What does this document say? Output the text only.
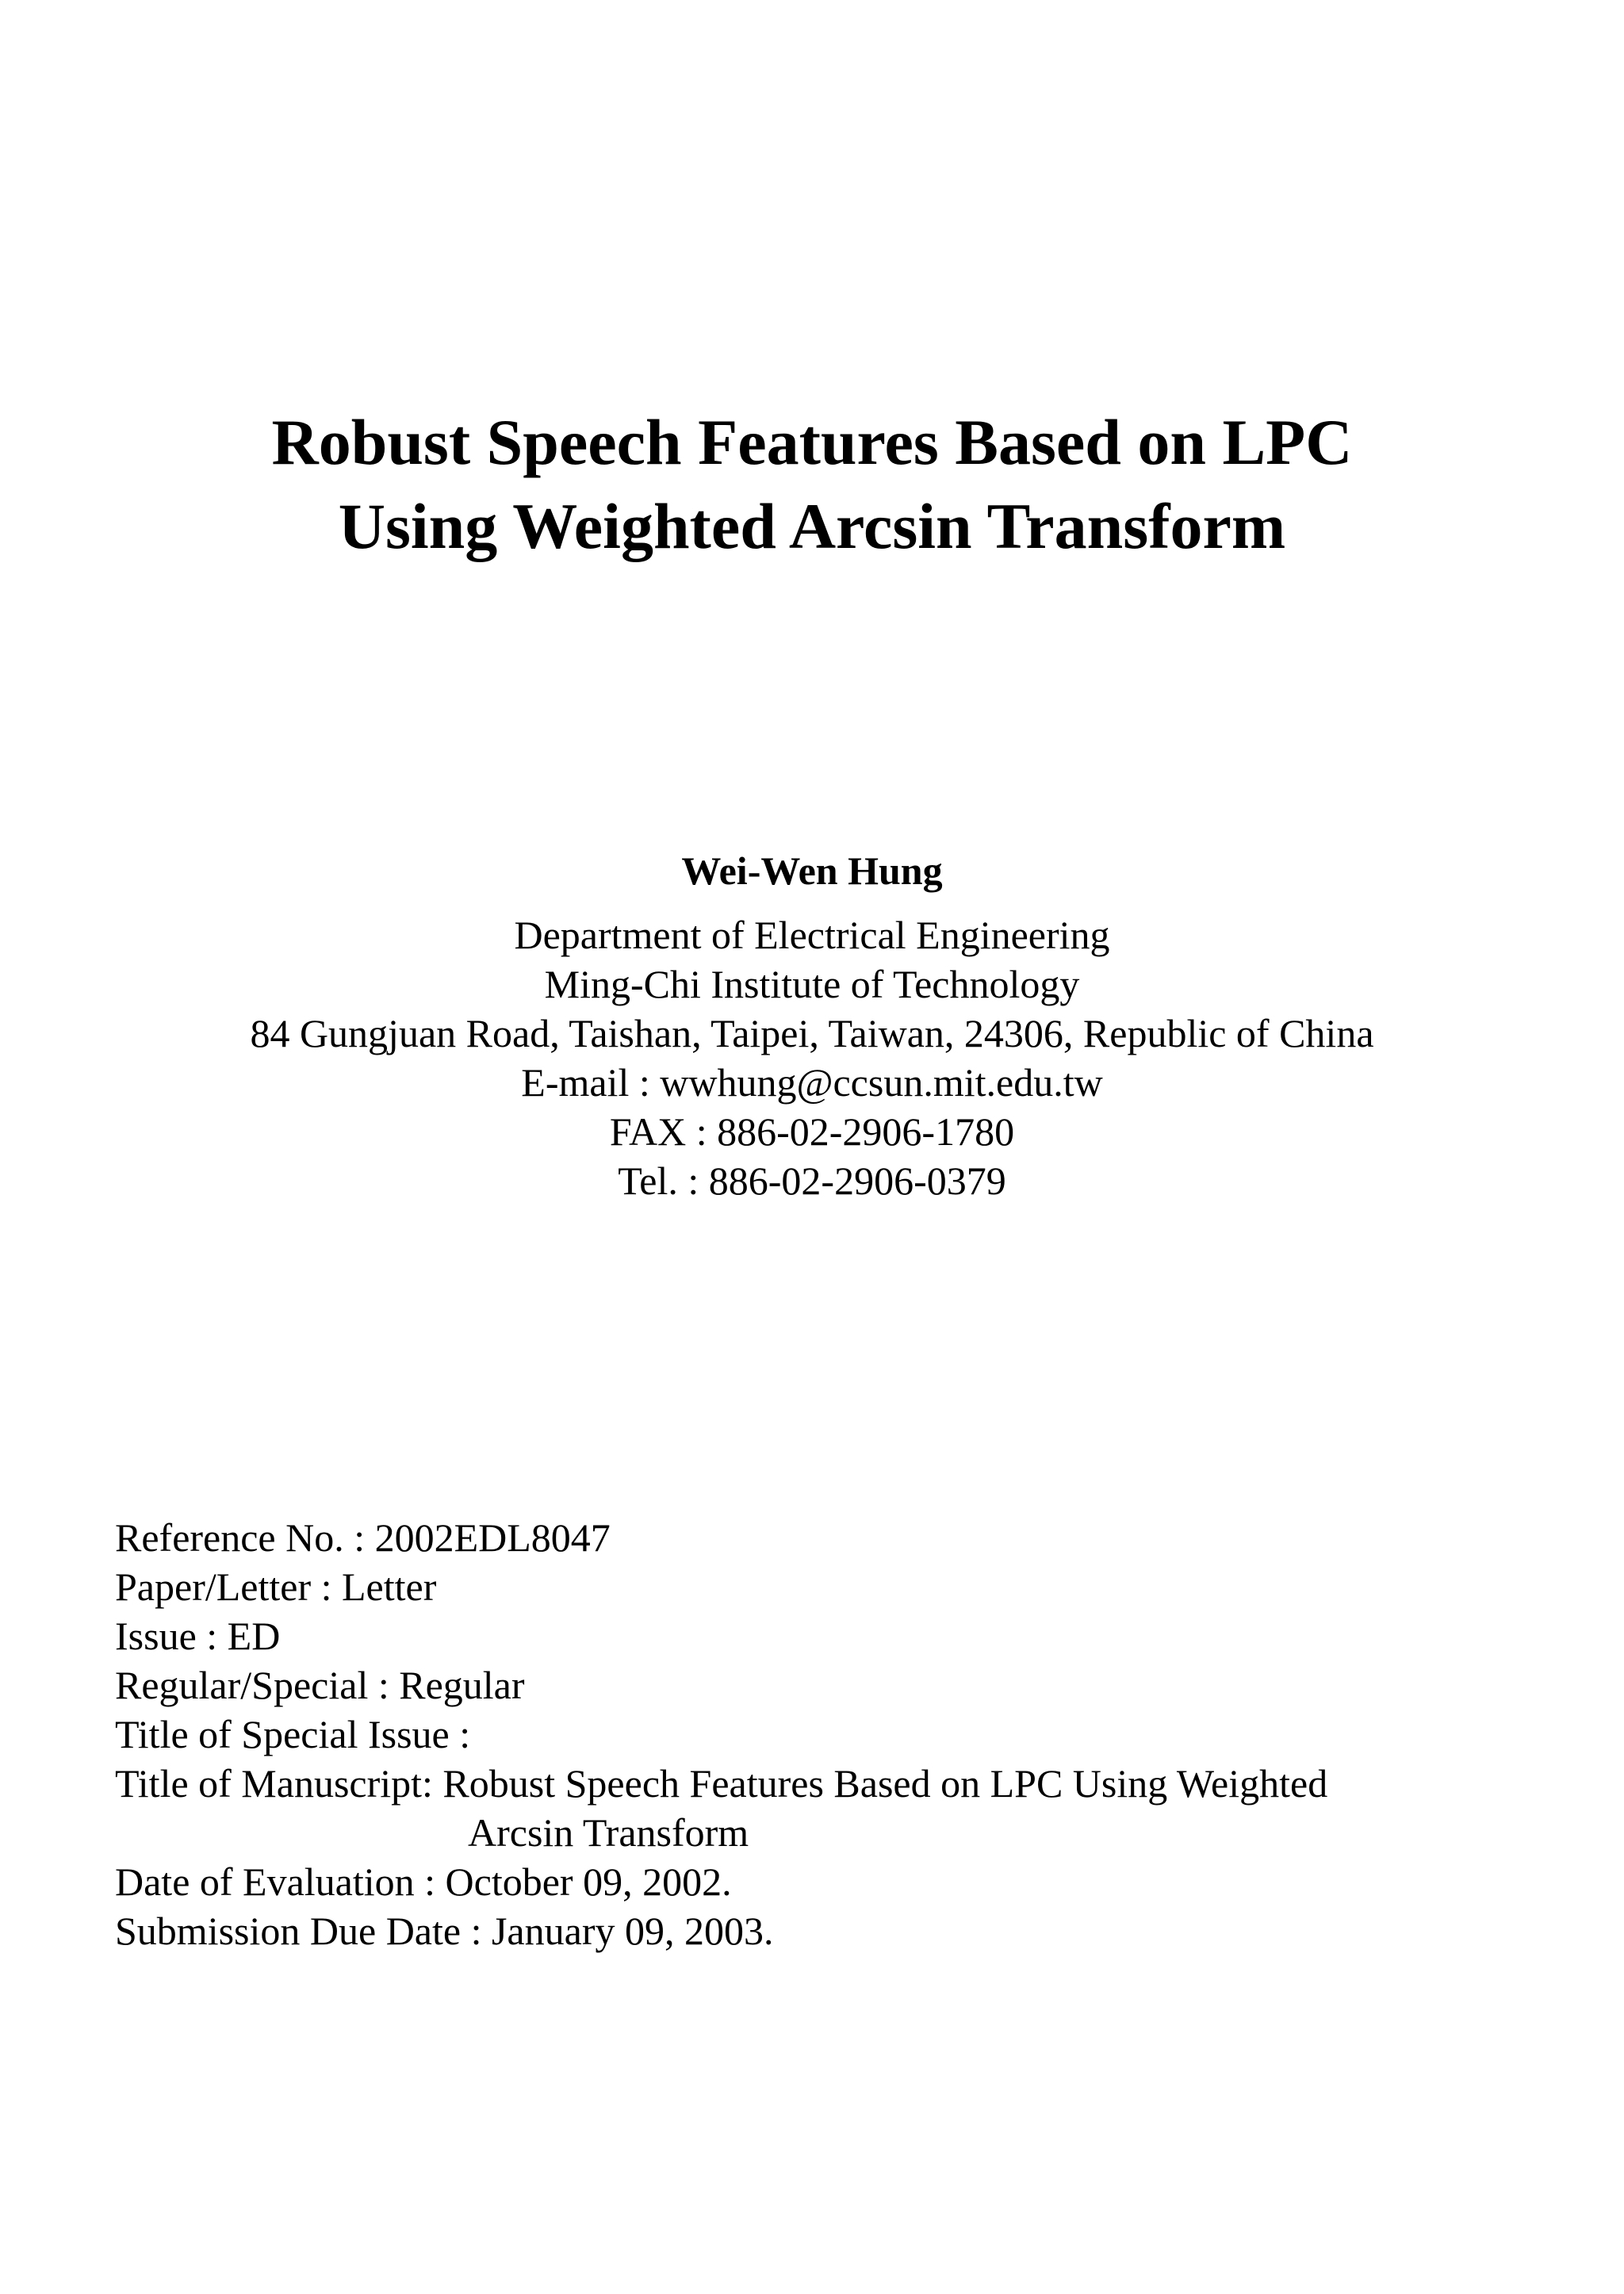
Robust Speech Features Based on LPC
Using Weighted Arcsin Transform
Wei-Wen Hung
Department of Electrical Engineering
Ming-Chi Institute of Technology
84 Gungjuan Road, Taishan, Taipei, Taiwan, 24306, Republic of China
E-mail : wwhung@ccsun.mit.edu.tw
FAX : 886-02-2906-1780
Tel. : 886-02-2906-0379
Reference No. : 2002EDL8047
Paper/Letter : Letter
Issue : ED
Regular/Special : Regular
Title of Special Issue :
Title of Manuscript: Robust Speech Features Based on LPC Using Weighted
Arcsin Transform
Date of Evaluation : October 09, 2002.
Submission Due Date : January 09, 2003.
